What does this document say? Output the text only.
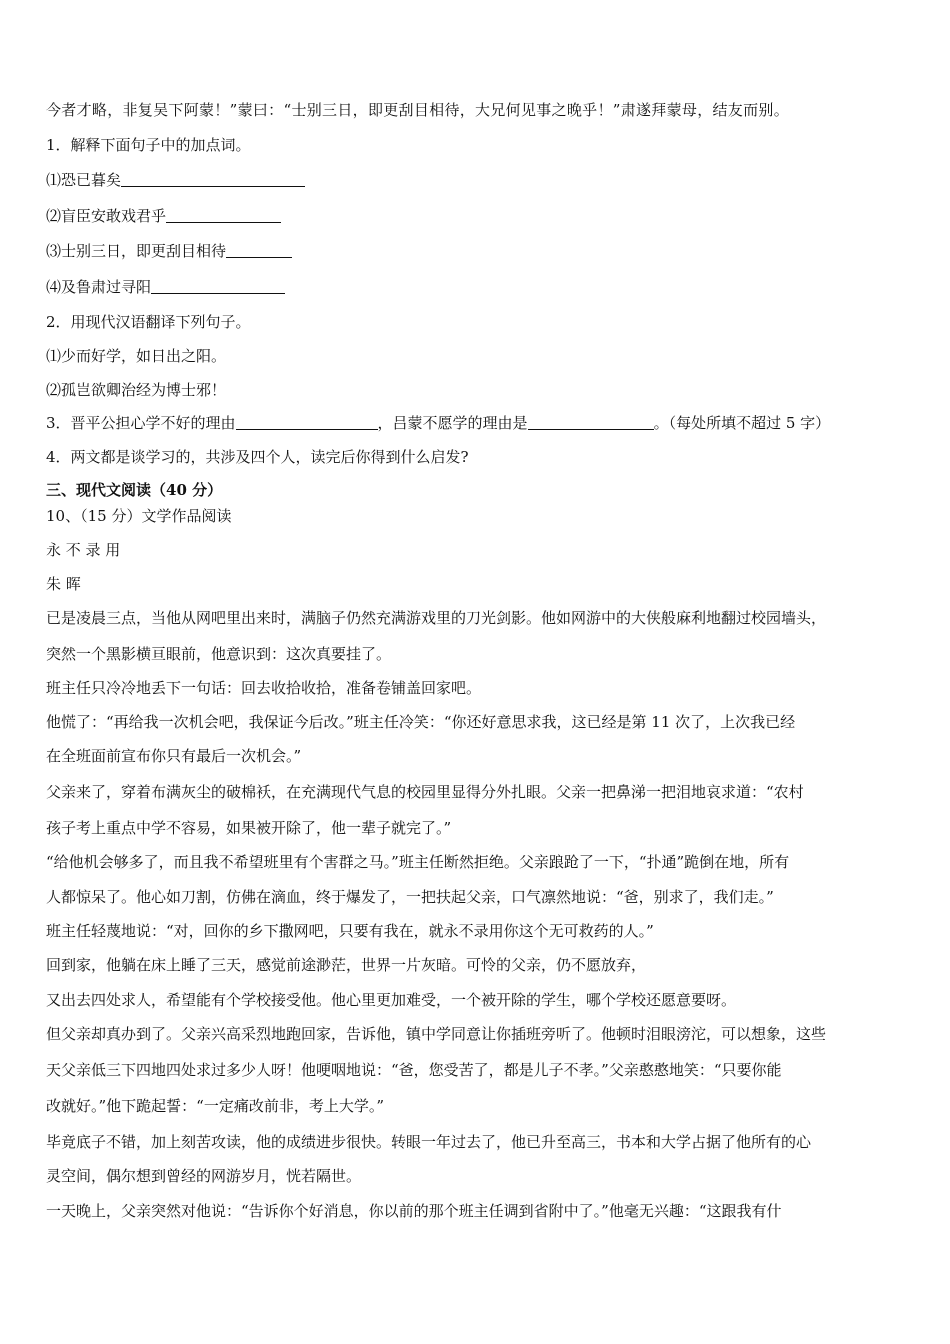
今者才略，非复吴下阿蒙！”蒙曰：“士别三日，即更刮目相待，大兄何见事之晚乎！”肃遂拜蒙母，结友而别。

1．解释下面句子中的加点词。

⑴恐已暮矣

⑵盲臣安敢戏君乎

⑶士别三日，即更刮目相待

⑷及鲁肃过寻阳

2．用现代汉语翻译下列句子。

⑴少而好学，如日出之阳。

⑵孤岂欲卿治经为博士邪！

3．晋平公担心学不好的理由	，吕蒙不愿学的理由是	。（每处所填不超过 5 字）

4．两文都是谈学习的，共涉及四个人，读完后你得到什么启发?

三、现代文阅读（40 分）

10、（15 分）文学作品阅读

永 不 录 用

朱 晖

已是凌晨三点，当他从网吧里出来时，满脑子仍然充满游戏里的刀光剑影。他如网游中的大侠般麻利地翻过校园墙头，

突然一个黑影横亘眼前，他意识到：这次真要挂了。

班主任只冷冷地丢下一句话：回去收拾收拾，准备卷铺盖回家吧。

他慌了：“再给我一次机会吧，我保证今后改。”班主任冷笑：“你还好意思求我，这已经是第 11 次了，上次我已经

在全班面前宣布你只有最后一次机会。”

父亲来了，穿着布满灰尘的破棉袄，在充满现代气息的校园里显得分外扎眼。父亲一把鼻涕一把泪地哀求道：“农村

孩子考上重点中学不容易，如果被开除了，他一辈子就完了。”

“给他机会够多了，而且我不希望班里有个害群之马。”班主任断然拒绝。父亲踉跄了一下，“扑通”跪倒在地，所有

人都惊呆了。他心如刀割，仿佛在滴血，终于爆发了，一把扶起父亲，口气凛然地说：“爸，别求了，我们走。”

班主任轻蔑地说：“对，回你的乡下撒网吧，只要有我在，就永不录用你这个无可救药的人。”

回到家，他躺在床上睡了三天，感觉前途渺茫，世界一片灰暗。可怜的父亲，仍不愿放弃，

又出去四处求人，希望能有个学校接受他。他心里更加难受，一个被开除的学生，哪个学校还愿意要呀。

但父亲却真办到了。父亲兴高采烈地跑回家，告诉他，镇中学同意让你插班旁听了。他顿时泪眼滂沱，可以想象，这些

天父亲低三下四地四处求过多少人呀！他哽咽地说：“爸，您受苦了，都是儿子不孝。”父亲憨憨地笑：“只要你能

改就好。”他下跪起誓：“一定痛改前非，考上大学。”

毕竟底子不错，加上刻苦攻读，他的成绩进步很快。转眼一年过去了，他已升至高三，书本和大学占据了他所有的心

灵空间，偶尔想到曾经的网游岁月，恍若隔世。

一天晚上，父亲突然对他说：“告诉你个好消息，你以前的那个班主任调到省附中了。”他毫无兴趣：“这跟我有什
